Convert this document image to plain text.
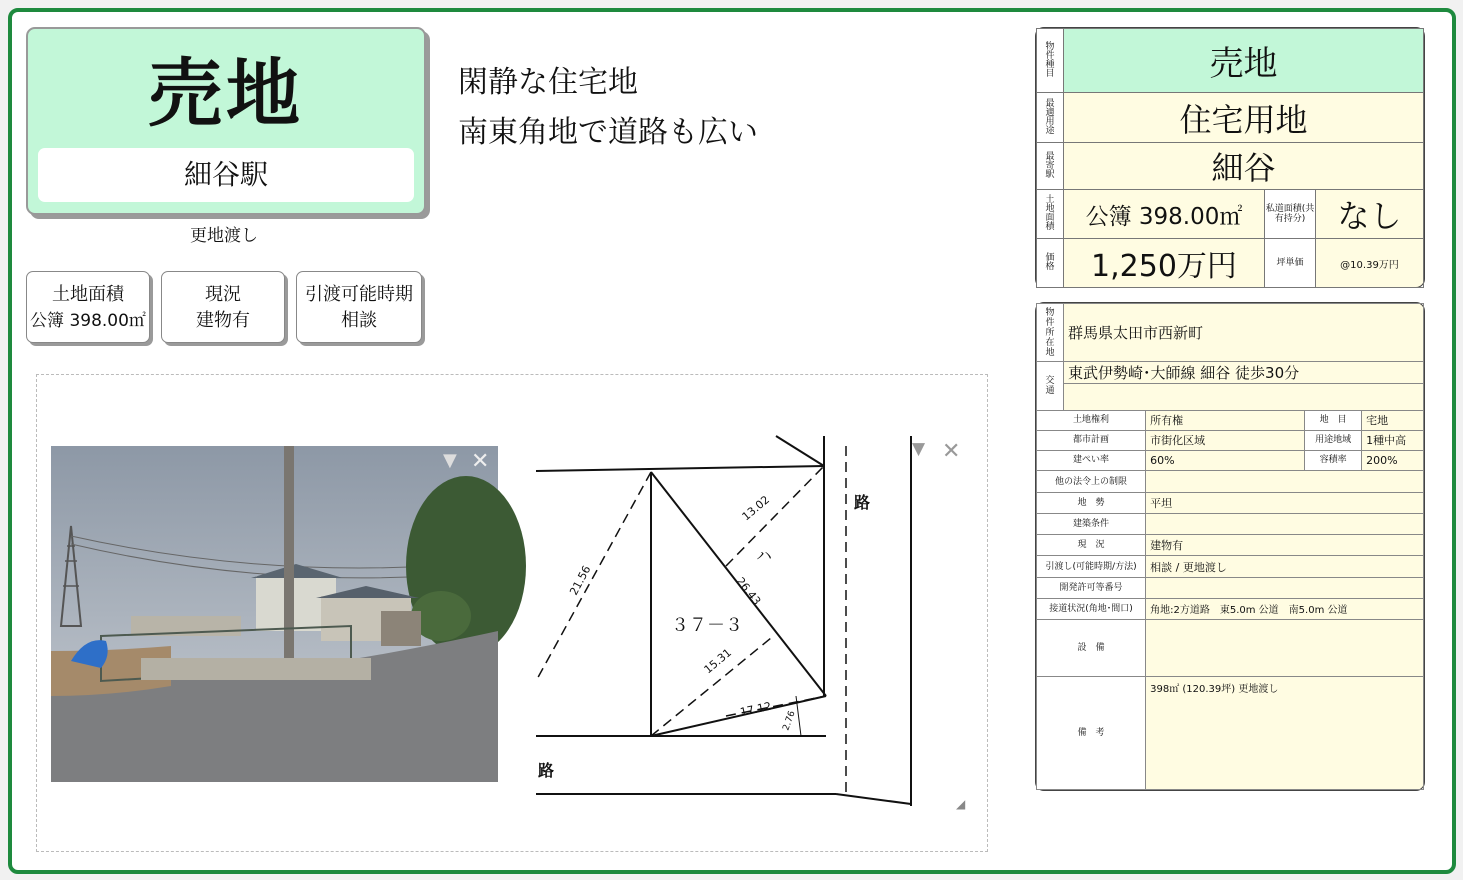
売地
細谷駅
更地渡し
閑静な住宅地
南東角地で道路も広い
土地面積
公簿 398.00㎡
現況
建物有
引渡可能時期
相談
▼ ✕
３７－３
ハ
路
路
13.02
21.56	26.43
15.31
17.12
2.76
▼ ✕
◢
物件種目	売地		
最適用途	住宅用地		
最寄駅	細谷		
土地面積	公簿 398.00㎡	私道面積(共有持分)	なし
価格	1,250万円	坪単価	@10.39万円
物件所在地	群馬県太田市西新町			
交通	東武伊勢崎･大師線 細谷 徒歩30分			

土地権利		所有権	地　目	宅地
都市計画		市街化区域	用途地域	1種中高
建ぺい率		60%	容積率	200%
他の法令上の制限				
地　勢		平坦		
建築条件				
現　況		建物有		
引渡し(可能時期/方法)		相談 / 更地渡し		
開発許可等番号				
接道状況(角地･間口)		角地:2方道路　東5.0m 公道　南5.0m 公道		
設　備				
備　考		398㎡ (120.39坪) 更地渡し		
